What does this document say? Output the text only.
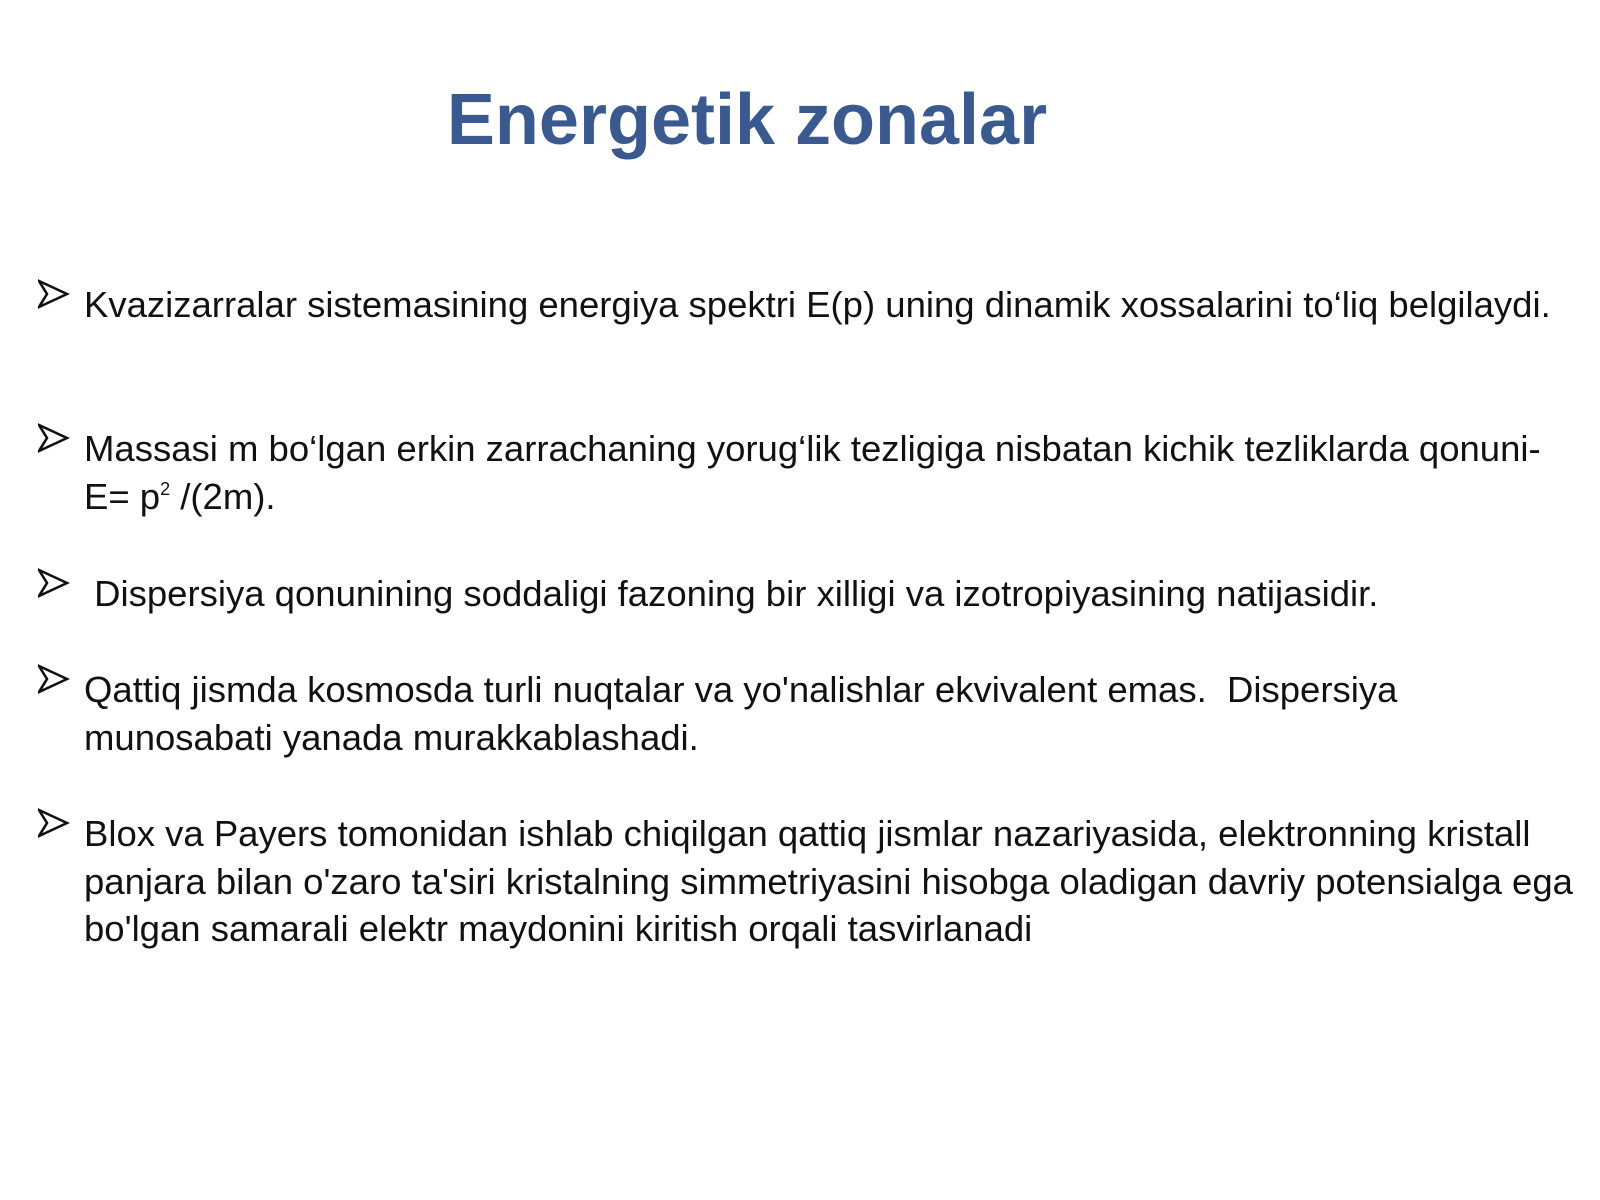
Energetik zonalar
Kvazizarralar sistemasining energiya spektri E(p) uning dinamik xossalarini to‘liq belgilaydi.
Massasi m bo‘lgan erkin zarrachaning yorug‘lik tezligiga nisbatan kichik tezliklarda qonuni- $E= p^2$ /(2m).
Dispersiya qonunining soddaligi fazoning bir xilligi va izotropiyasining natijasidir.
Qattiq jismda kosmosda turli nuqtalar va yo'nalishlar ekvivalent emas.  Dispersiya munosabati yanada murakkablashadi.
Blox va Payers tomonidan ishlab chiqilgan qattiq jismlar nazariyasida, elektronning kristall panjara bilan o'zaro ta'siri kristalning simmetriyasini hisobga oladigan davriy potensialga ega bo'lgan samarali elektr maydonini kiritish orqali tasvirlanadi
